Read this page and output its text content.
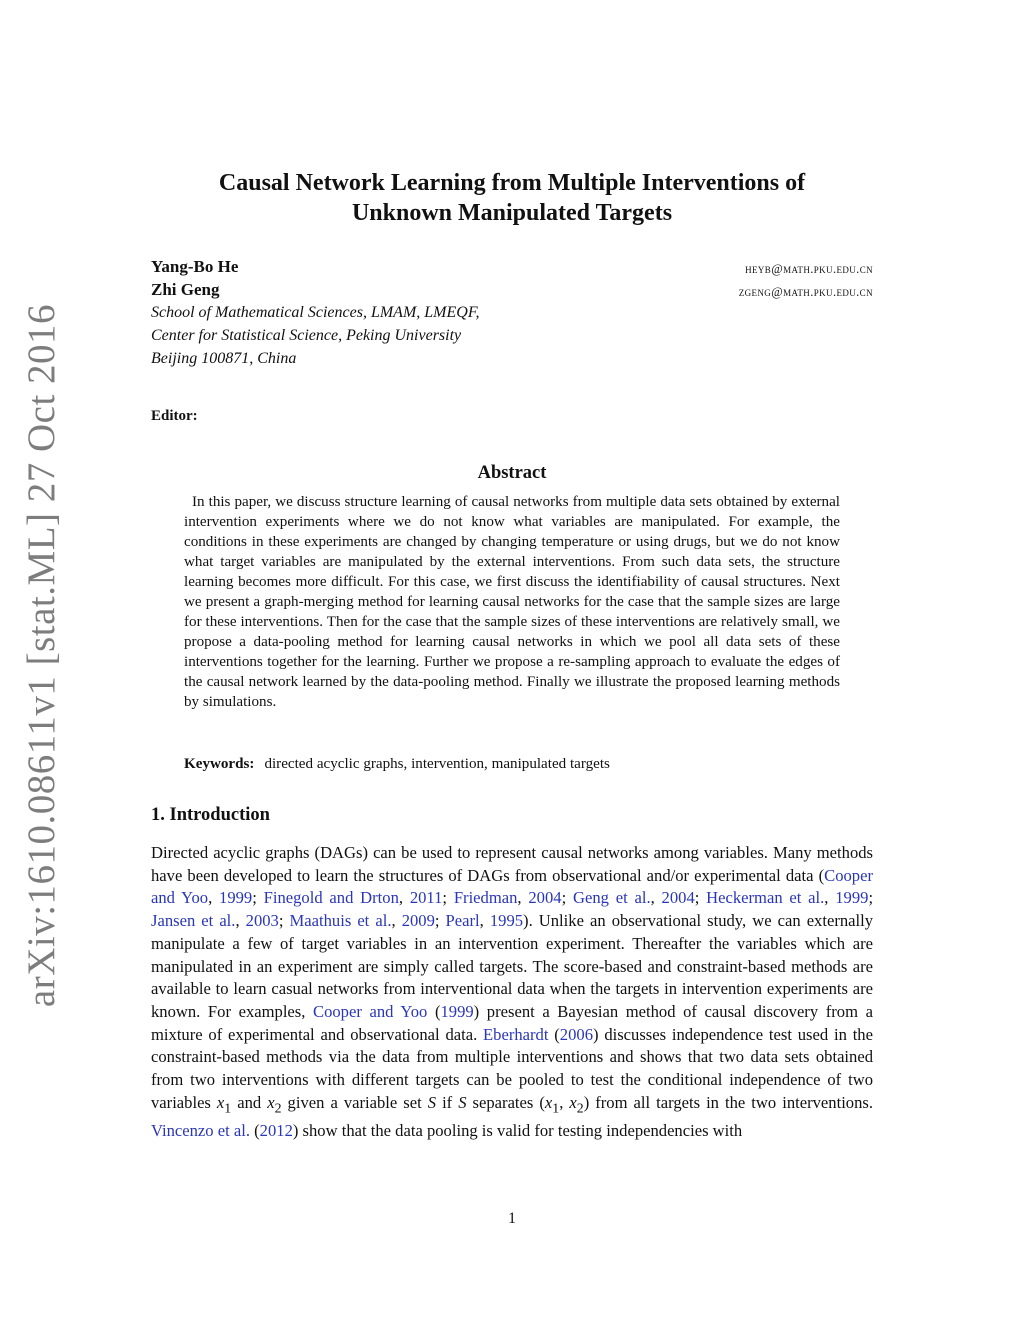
arXiv:1610.08611v1 [stat.ML] 27 Oct 2016
Causal Network Learning from Multiple Interventions of
Unknown Manipulated Targets
Yang-Bo He	heyb@math.pku.edu.cn
Zhi Geng	zgeng@math.pku.edu.cn
School of Mathematical Sciences, LMAM, LMEQF,
Center for Statistical Science, Peking University
Beijing 100871, China
Editor:
Abstract

In this paper, we discuss structure learning of causal networks from multiple data sets obtained by external intervention experiments where we do not know what variables are manipulated. For example, the conditions in these experiments are changed by changing temperature or using drugs, but we do not know what target variables are manipulated by the external interventions. From such data sets, the structure learning becomes more difficult. For this case, we first discuss the identifiability of causal structures. Next we present a graph-merging method for learning causal networks for the case that the sample sizes are large for these interventions. Then for the case that the sample sizes of these interventions are relatively small, we propose a data-pooling method for learning causal networks in which we pool all data sets of these interventions together for the learning. Further we propose a re-sampling approach to evaluate the edges of the causal network learned by the data-pooling method. Finally we illustrate the proposed learning methods by simulations.

Keywords: directed acyclic graphs, intervention, manipulated targets
1. Introduction

Directed acyclic graphs (DAGs) can be used to represent causal networks among variables. Many methods have been developed to learn the structures of DAGs from observational and/or experimental data (Cooper and Yoo, 1999; Finegold and Drton, 2011; Friedman, 2004; Geng et al., 2004; Heckerman et al., 1999; Jansen et al., 2003; Maathuis et al., 2009; Pearl, 1995). Unlike an observational study, we can externally manipulate a few of target variables in an intervention experiment. Thereafter the variables which are manipulated in an experiment are simply called targets. The score-based and constraint-based methods are available to learn casual networks from interventional data when the targets in intervention experiments are known. For examples, Cooper and Yoo (1999) present a Bayesian method of causal discovery from a mixture of experimental and observational data. Eberhardt (2006) discusses independence test used in the constraint-based methods via the data from multiple interventions and shows that two data sets obtained from two interventions with different targets can be pooled to test the conditional independence of two variables $x_1$ and $x_2$ given a variable set S if S separates ($x_1$, $x_2$) from all targets in the two interventions. Vincenzo et al. (2012) show that the data pooling is valid for testing independencies with

1
